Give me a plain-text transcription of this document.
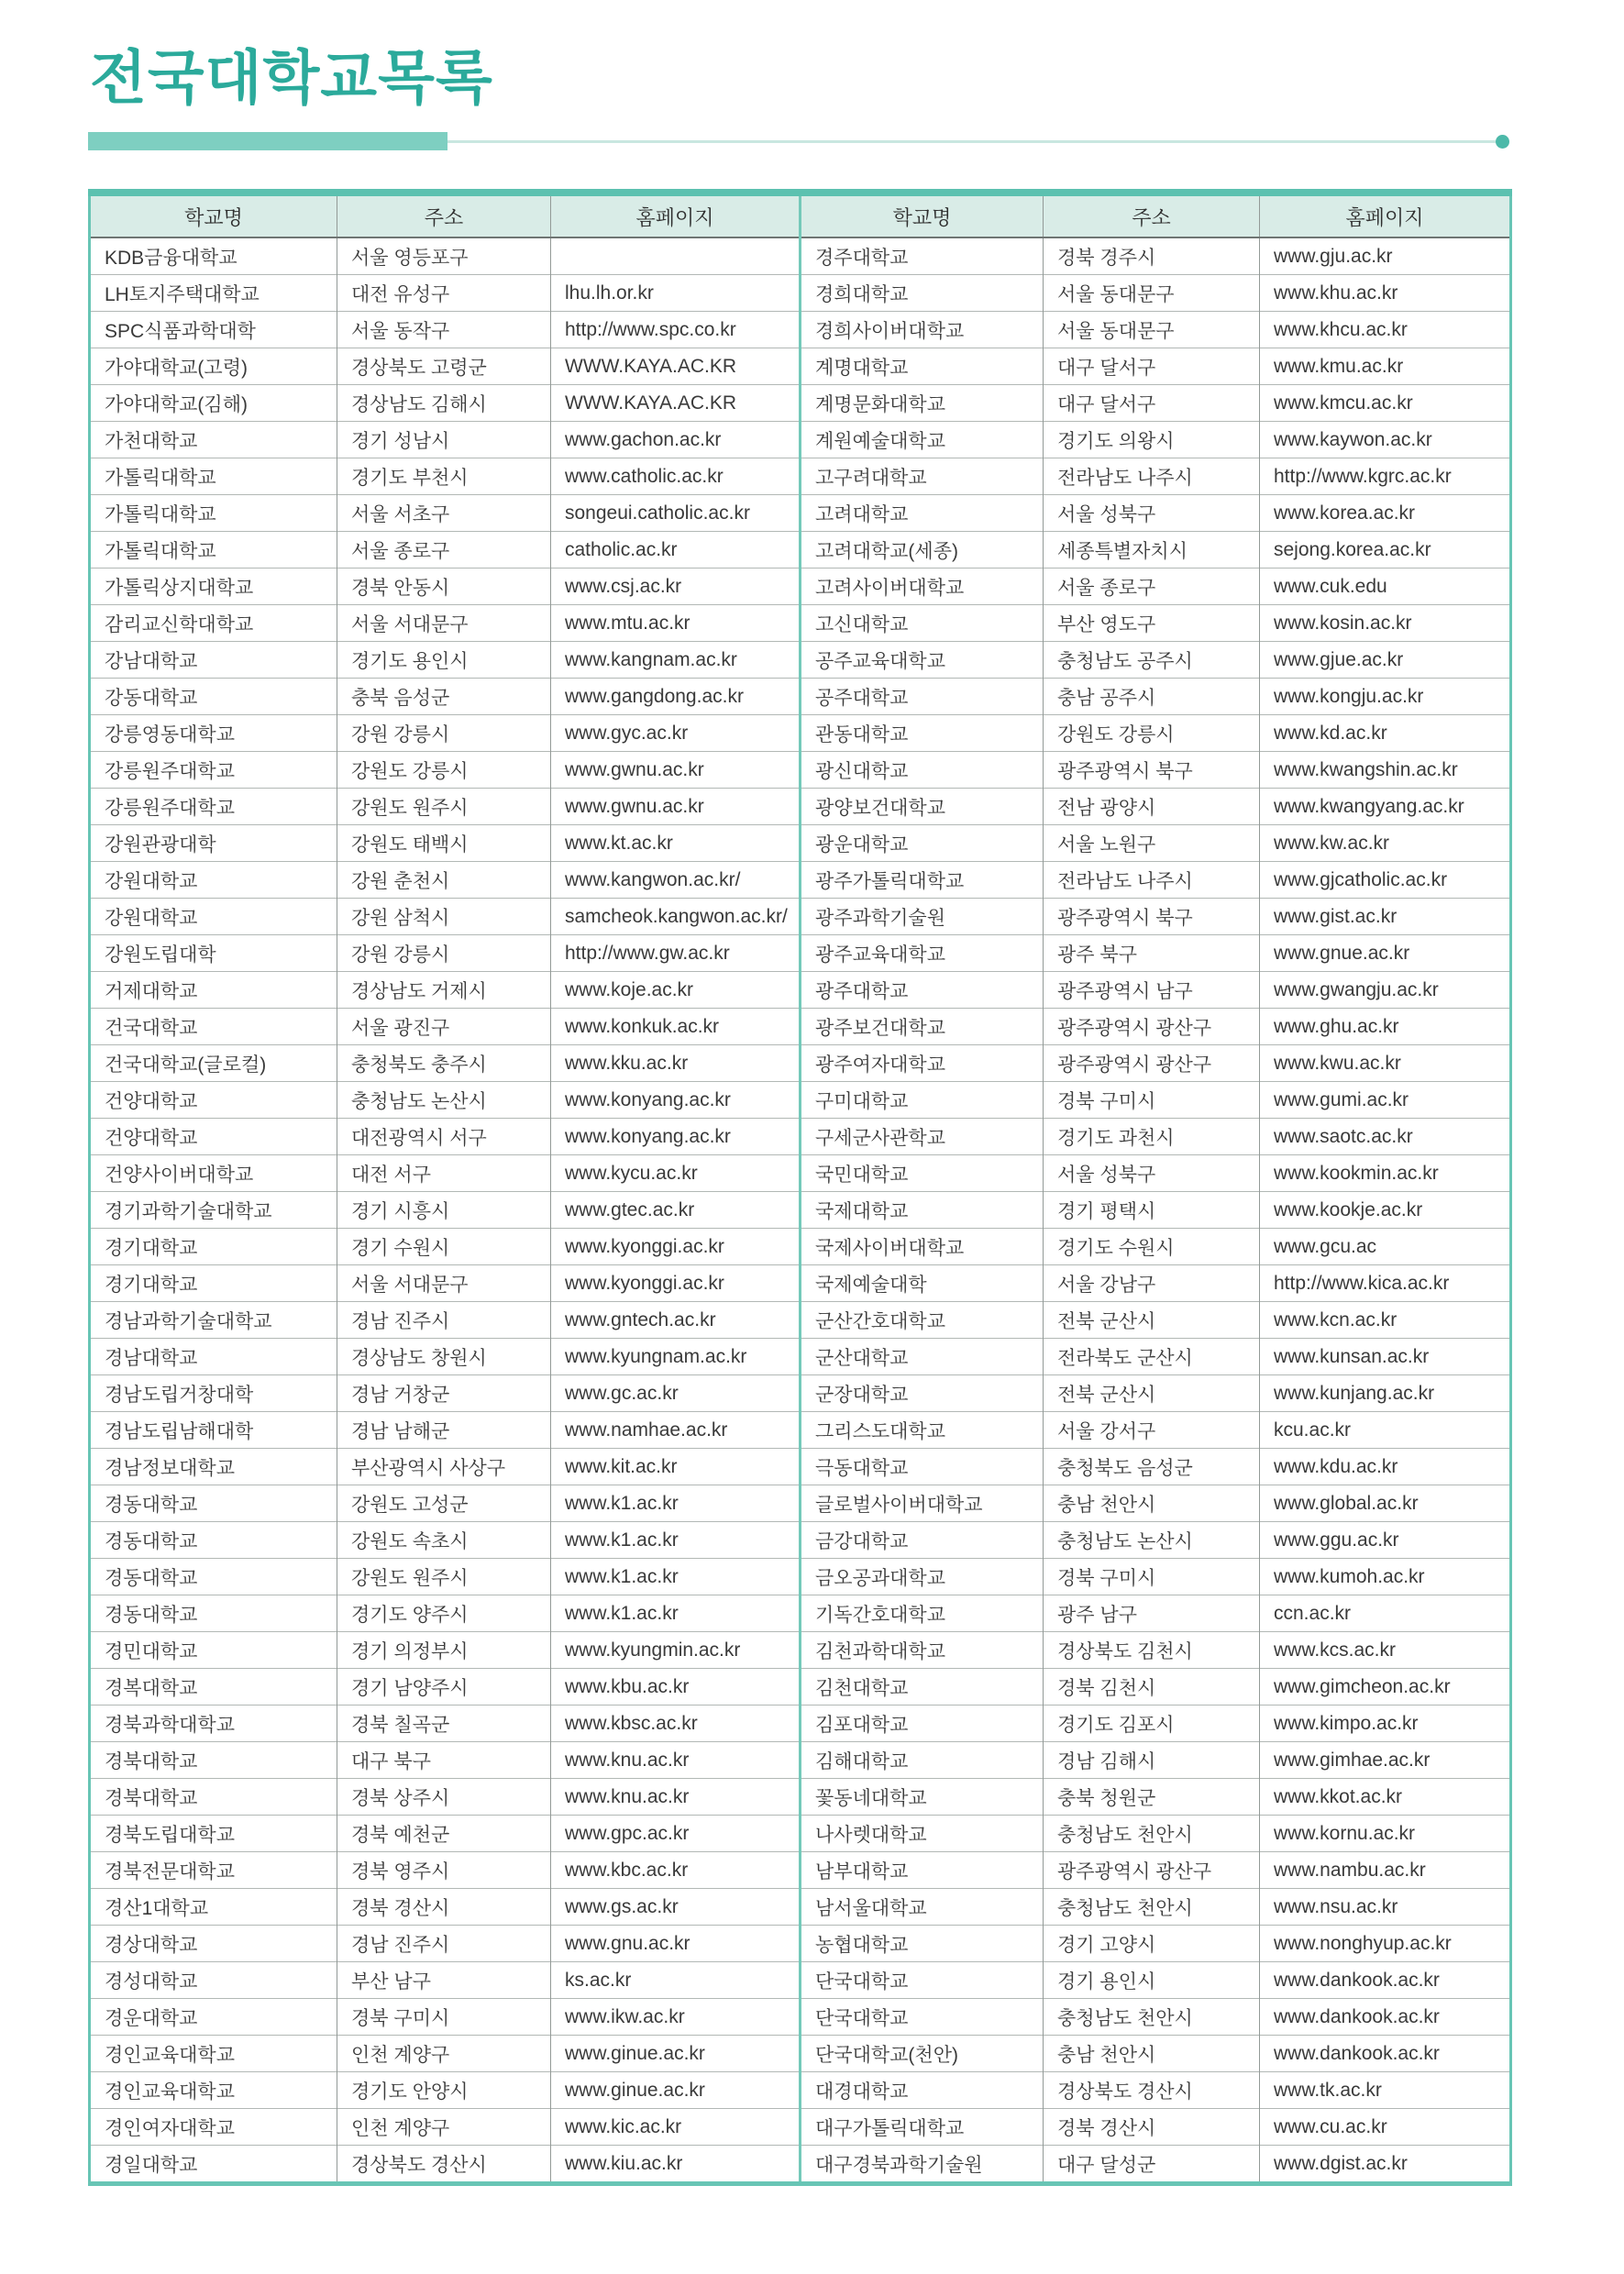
전국대학교목록
학교명	주소	홈페이지	학교명	주소	홈페이지
KDB금융대학교	서울 영등포구		경주대학교	경북 경주시	www.gju.ac.kr
LH토지주택대학교	대전 유성구	lhu.lh.or.kr	경희대학교	서울 동대문구	www.khu.ac.kr
SPC식품과학대학	서울 동작구	http://www.spc.co.kr	경희사이버대학교	서울 동대문구	www.khcu.ac.kr
가야대학교(고령)	경상북도 고령군	WWW.KAYA.AC.KR	계명대학교	대구 달서구	www.kmu.ac.kr
가야대학교(김해)	경상남도 김해시	WWW.KAYA.AC.KR	계명문화대학교	대구 달서구	www.kmcu.ac.kr
가천대학교	경기 성남시	www.gachon.ac.kr	계원예술대학교	경기도 의왕시	www.kaywon.ac.kr
가톨릭대학교	경기도 부천시	www.catholic.ac.kr	고구려대학교	전라남도 나주시	http://www.kgrc.ac.kr
가톨릭대학교	서울 서초구	songeui.catholic.ac.kr	고려대학교	서울 성북구	www.korea.ac.kr
가톨릭대학교	서울 종로구	catholic.ac.kr	고려대학교(세종)	세종특별자치시	sejong.korea.ac.kr
가톨릭상지대학교	경북 안동시	www.csj.ac.kr	고려사이버대학교	서울 종로구	www.cuk.edu
감리교신학대학교	서울 서대문구	www.mtu.ac.kr	고신대학교	부산 영도구	www.kosin.ac.kr
강남대학교	경기도 용인시	www.kangnam.ac.kr	공주교육대학교	충청남도 공주시	www.gjue.ac.kr
강동대학교	충북 음성군	www.gangdong.ac.kr	공주대학교	충남 공주시	www.kongju.ac.kr
강릉영동대학교	강원 강릉시	www.gyc.ac.kr	관동대학교	강원도 강릉시	www.kd.ac.kr
강릉원주대학교	강원도 강릉시	www.gwnu.ac.kr	광신대학교	광주광역시 북구	www.kwangshin.ac.kr
강릉원주대학교	강원도 원주시	www.gwnu.ac.kr	광양보건대학교	전남 광양시	www.kwangyang.ac.kr
강원관광대학	강원도 태백시	www.kt.ac.kr	광운대학교	서울 노원구	www.kw.ac.kr
강원대학교	강원 춘천시	www.kangwon.ac.kr/	광주가톨릭대학교	전라남도 나주시	www.gjcatholic.ac.kr
강원대학교	강원 삼척시	samcheok.kangwon.ac.kr/	광주과학기술원	광주광역시 북구	www.gist.ac.kr
강원도립대학	강원 강릉시	http://www.gw.ac.kr	광주교육대학교	광주 북구	www.gnue.ac.kr
거제대학교	경상남도 거제시	www.koje.ac.kr	광주대학교	광주광역시 남구	www.gwangju.ac.kr
건국대학교	서울 광진구	www.konkuk.ac.kr	광주보건대학교	광주광역시 광산구	www.ghu.ac.kr
건국대학교(글로컬)	충청북도 충주시	www.kku.ac.kr	광주여자대학교	광주광역시 광산구	www.kwu.ac.kr
건양대학교	충청남도 논산시	www.konyang.ac.kr	구미대학교	경북 구미시	www.gumi.ac.kr
건양대학교	대전광역시 서구	www.konyang.ac.kr	구세군사관학교	경기도 과천시	www.saotc.ac.kr
건양사이버대학교	대전 서구	www.kycu.ac.kr	국민대학교	서울 성북구	www.kookmin.ac.kr
경기과학기술대학교	경기 시흥시	www.gtec.ac.kr	국제대학교	경기 평택시	www.kookje.ac.kr
경기대학교	경기 수원시	www.kyonggi.ac.kr	국제사이버대학교	경기도 수원시	www.gcu.ac
경기대학교	서울 서대문구	www.kyonggi.ac.kr	국제예술대학	서울 강남구	http://www.kica.ac.kr
경남과학기술대학교	경남 진주시	www.gntech.ac.kr	군산간호대학교	전북 군산시	www.kcn.ac.kr
경남대학교	경상남도 창원시	www.kyungnam.ac.kr	군산대학교	전라북도 군산시	www.kunsan.ac.kr
경남도립거창대학	경남 거창군	www.gc.ac.kr	군장대학교	전북 군산시	www.kunjang.ac.kr
경남도립남해대학	경남 남해군	www.namhae.ac.kr	그리스도대학교	서울 강서구	kcu.ac.kr
경남정보대학교	부산광역시 사상구	www.kit.ac.kr	극동대학교	충청북도 음성군	www.kdu.ac.kr
경동대학교	강원도 고성군	www.k1.ac.kr	글로벌사이버대학교	충남 천안시	www.global.ac.kr
경동대학교	강원도 속초시	www.k1.ac.kr	금강대학교	충청남도 논산시	www.ggu.ac.kr
경동대학교	강원도 원주시	www.k1.ac.kr	금오공과대학교	경북 구미시	www.kumoh.ac.kr
경동대학교	경기도 양주시	www.k1.ac.kr	기독간호대학교	광주 남구	ccn.ac.kr
경민대학교	경기 의정부시	www.kyungmin.ac.kr	김천과학대학교	경상북도 김천시	www.kcs.ac.kr
경복대학교	경기 남양주시	www.kbu.ac.kr	김천대학교	경북 김천시	www.gimcheon.ac.kr
경북과학대학교	경북 칠곡군	www.kbsc.ac.kr	김포대학교	경기도 김포시	www.kimpo.ac.kr
경북대학교	대구 북구	www.knu.ac.kr	김해대학교	경남 김해시	www.gimhae.ac.kr
경북대학교	경북 상주시	www.knu.ac.kr	꽃동네대학교	충북 청원군	www.kkot.ac.kr
경북도립대학교	경북 예천군	www.gpc.ac.kr	나사렛대학교	충청남도 천안시	www.kornu.ac.kr
경북전문대학교	경북 영주시	www.kbc.ac.kr	남부대학교	광주광역시 광산구	www.nambu.ac.kr
경산1대학교	경북 경산시	www.gs.ac.kr	남서울대학교	충청남도 천안시	www.nsu.ac.kr
경상대학교	경남 진주시	www.gnu.ac.kr	농협대학교	경기 고양시	www.nonghyup.ac.kr
경성대학교	부산 남구	ks.ac.kr	단국대학교	경기 용인시	www.dankook.ac.kr
경운대학교	경북 구미시	www.ikw.ac.kr	단국대학교	충청남도 천안시	www.dankook.ac.kr
경인교육대학교	인천 계양구	www.ginue.ac.kr	단국대학교(천안)	충남 천안시	www.dankook.ac.kr
경인교육대학교	경기도 안양시	www.ginue.ac.kr	대경대학교	경상북도 경산시	www.tk.ac.kr
경인여자대학교	인천 계양구	www.kic.ac.kr	대구가톨릭대학교	경북 경산시	www.cu.ac.kr
경일대학교	경상북도 경산시	www.kiu.ac.kr	대구경북과학기술원	대구 달성군	www.dgist.ac.kr
